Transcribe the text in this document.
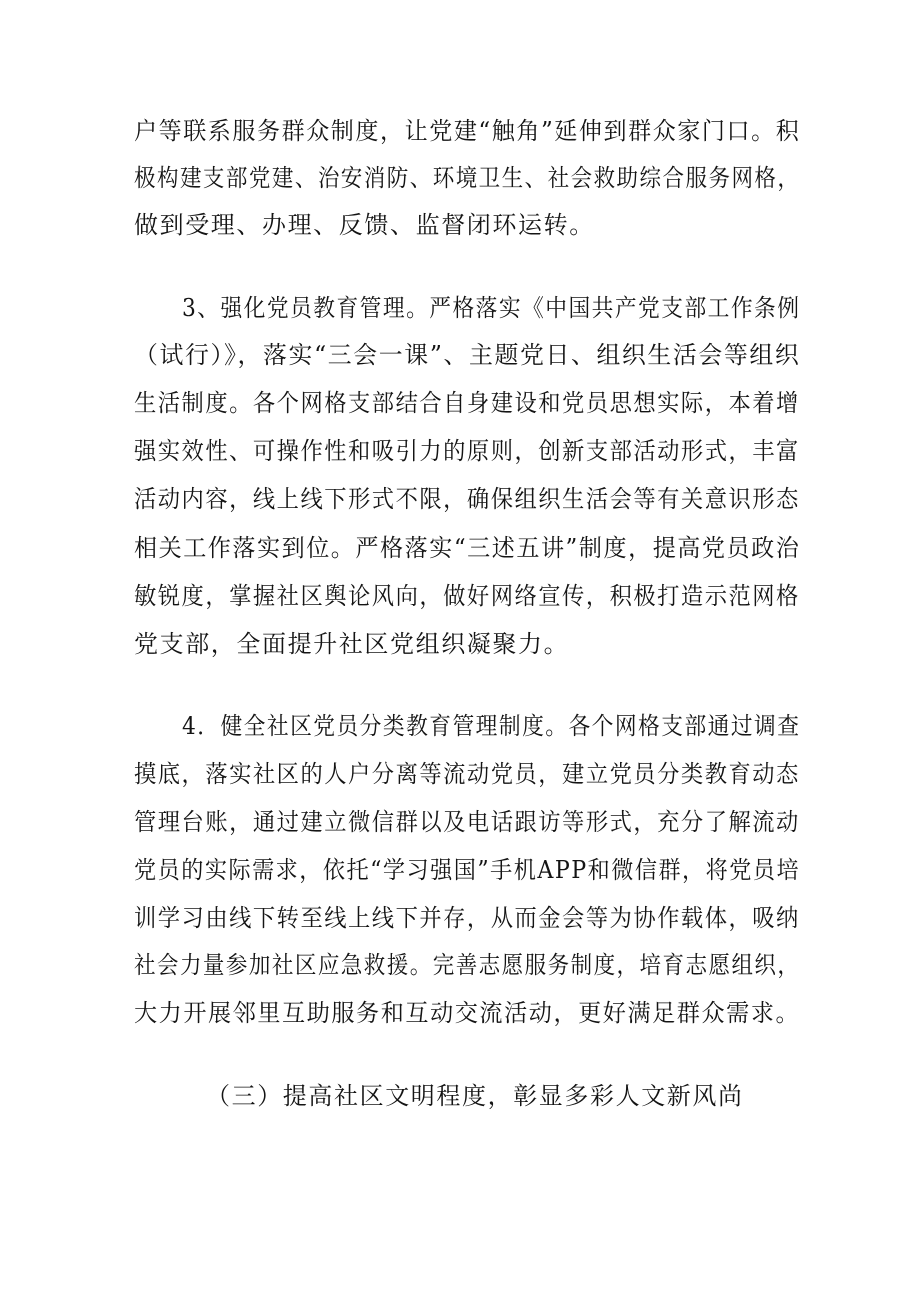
户等联系服务群众制度，让党建“触角”延伸到群众家门口。积
极构建支部党建、治安消防、环境卫生、社会救助综合服务网格，
做到受理、办理、反馈、监督闭环运转。
3、强化党员教育管理。严格落实《中国共产党支部工作条例
（试行）》，落实“三会一课”、主题党日、组织生活会等组织
生活制度。各个网格支部结合自身建设和党员思想实际，本着增
强实效性、可操作性和吸引力的原则，创新支部活动形式，丰富
活动内容，线上线下形式不限，确保组织生活会等有关意识形态
相关工作落实到位。严格落实“三述五讲”制度，提高党员政治
敏锐度，掌握社区舆论风向，做好网络宣传，积极打造示范网格
党支部，全面提升社区党组织凝聚力。
4．健全社区党员分类教育管理制度。各个网格支部通过调查
摸底，落实社区的人户分离等流动党员，建立党员分类教育动态
管理台账，通过建立微信群以及电话跟访等形式，充分了解流动
党员的实际需求，依托“学习强国”手机APP和微信群，将党员培
训学习由线下转至线上线下并存，从而金会等为协作载体，吸纳
社会力量参加社区应急救援。完善志愿服务制度，培育志愿组织，
大力开展邻里互助服务和互动交流活动，更好满足群众需求。
（三）提高社区文明程度，彰显多彩人文新风尚
